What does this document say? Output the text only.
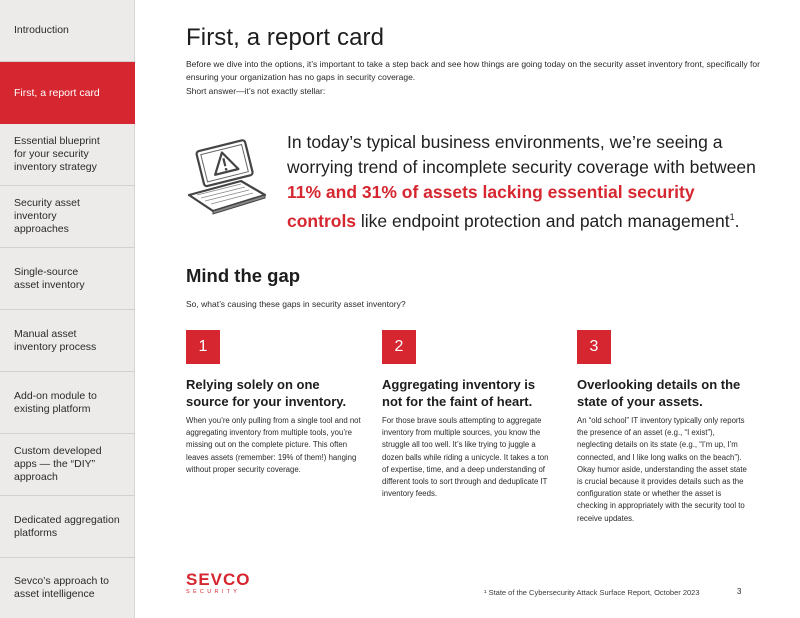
Introduction
First, a report card
Essential blueprint for your security inventory strategy
Security asset inventory approaches
Single-source asset inventory
Manual asset inventory process
Add-on module to existing platform
Custom developed apps — the “DIY” approach
Dedicated aggregation platforms
Sevco’s approach to asset intelligence
First, a report card

Before we dive into the options, it’s important to take a step back and see how things are going today on the security asset inventory front, specifically for ensuring your organization has no gaps in security coverage.

Short answer—it’s not exactly stellar:

In today’s typical business environments, we’re seeing a worrying trend of incomplete security coverage with between 11% and 31% of assets lacking essential security controls like endpoint protection and patch management$^1$.

Mind the gap

So, what’s causing these gaps in security asset inventory?

1
Relying solely on one source for your inventory.

When you’re only pulling from a single tool and not aggregating inventory from multiple tools, you’re missing out on the complete picture. This often leaves assets (remember: 19% of them!) hanging without proper security coverage.

2
Aggregating inventory is not for the faint of heart.

For those brave souls attempting to aggregate inventory from multiple sources, you know the struggle all too well. It’s like trying to juggle a dozen balls while riding a unicycle. It takes a ton of expertise, time, and a deep understanding of different tools to sort through and deduplicate IT inventory feeds.

3
Overlooking details on the state of your assets.

An “old school” IT inventory typically only reports the presence of an asset (e.g., “I exist”), neglecting details on its state (e.g., “I’m up, I’m connected, and I like long walks on the beach”). Okay humor aside, understanding the asset state is crucial because it provides details such as the configuration state or whether the asset is checking in appropriately with the security tool to receive updates.

SEVCO
SECURITY	¹ State of the Cybersecurity Attack Surface Report, October 2023	3
